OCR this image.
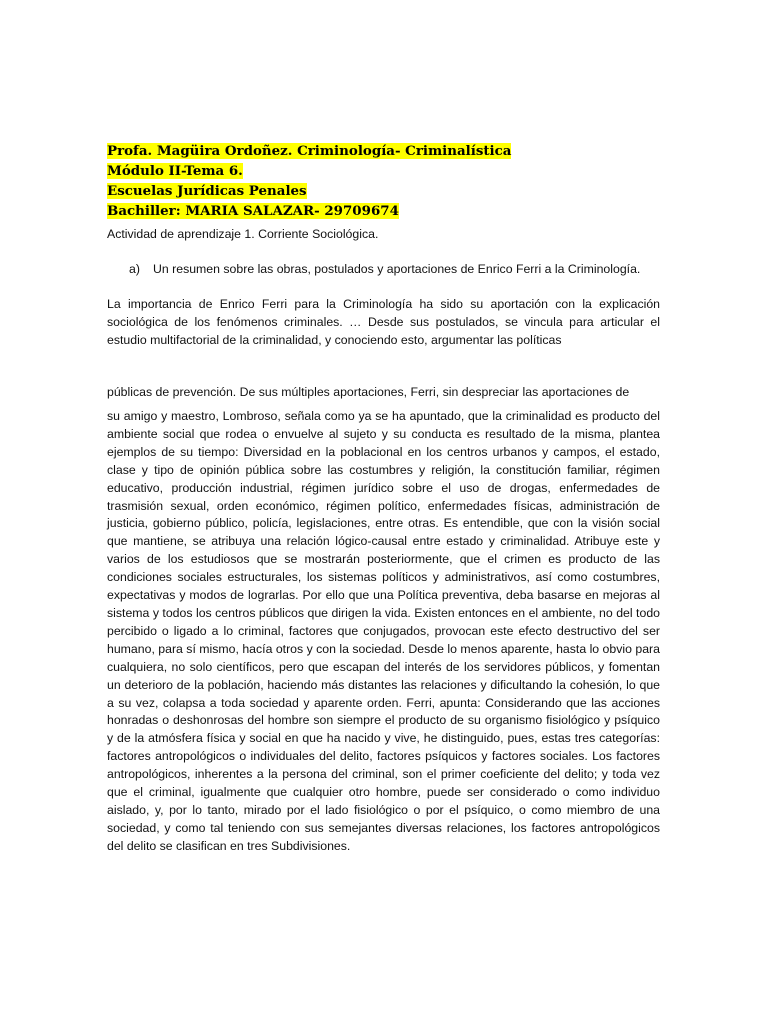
Profa. Magüira Ordoñez. Criminología- Criminalística
Módulo II-Tema 6.
Escuelas Jurídicas Penales
Bachiller: MARIA SALAZAR- 29709674
Actividad de aprendizaje 1. Corriente Sociológica.
a) Un resumen sobre las obras, postulados y aportaciones de Enrico Ferri a la Criminología.

La importancia de Enrico Ferri para la Criminología ha sido su aportación con la explicación sociológica de los fenómenos criminales. … Desde sus postulados, se vincula para articular el estudio multifactorial de la criminalidad, y conociendo esto, argumentar las políticas

públicas de prevención. De sus múltiples aportaciones, Ferri, sin despreciar las aportaciones de

su amigo y maestro, Lombroso, señala como ya se ha apuntado, que la criminalidad es producto del ambiente social que rodea o envuelve al sujeto y su conducta es resultado de la misma, plantea ejemplos de su tiempo: Diversidad en la poblacional en los centros urbanos y campos, el estado, clase y tipo de opinión pública sobre las costumbres y religión, la constitución familiar, régimen educativo, producción industrial, régimen jurídico sobre el uso de drogas, enfermedades de trasmisión sexual, orden económico, régimen político, enfermedades físicas, administración de justicia, gobierno público, policía, legislaciones, entre otras. Es entendible, que con la visión social que mantiene, se atribuya una relación lógico-causal entre estado y criminalidad. Atribuye este y varios de los estudiosos que se mostrarán posteriormente, que el crimen es producto de las condiciones sociales estructurales, los sistemas políticos y administrativos, así como costumbres, expectativas y modos de lograrlas. Por ello que una Política preventiva, deba basarse en mejoras al sistema y todos los centros públicos que dirigen la vida. Existen entonces en el ambiente, no del todo percibido o ligado a lo criminal, factores que conjugados, provocan este efecto destructivo del ser humano, para sí mismo, hacía otros y con la sociedad. Desde lo menos aparente, hasta lo obvio para cualquiera, no solo científicos, pero que escapan del interés de los servidores públicos, y fomentan un deterioro de la población, haciendo más distantes las relaciones y dificultando la cohesión, lo que a su vez, colapsa a toda sociedad y aparente orden. Ferri, apunta: Considerando que las acciones honradas o deshonrosas del hombre son siempre el producto de su organismo fisiológico y psíquico y de la atmósfera física y social en que ha nacido y vive, he distinguido, pues, estas tres categorías: factores antropológicos o individuales del delito, factores psíquicos y factores sociales. Los factores antropológicos, inherentes a la persona del criminal, son el primer coeficiente del delito; y toda vez que el criminal, igualmente que cualquier otro hombre, puede ser considerado o como individuo aislado, y, por lo tanto, mirado por el lado fisiológico o por el psíquico, o como miembro de una sociedad, y como tal teniendo con sus semejantes diversas relaciones, los factores antropológicos del delito se clasifican en tres Subdivisiones.
